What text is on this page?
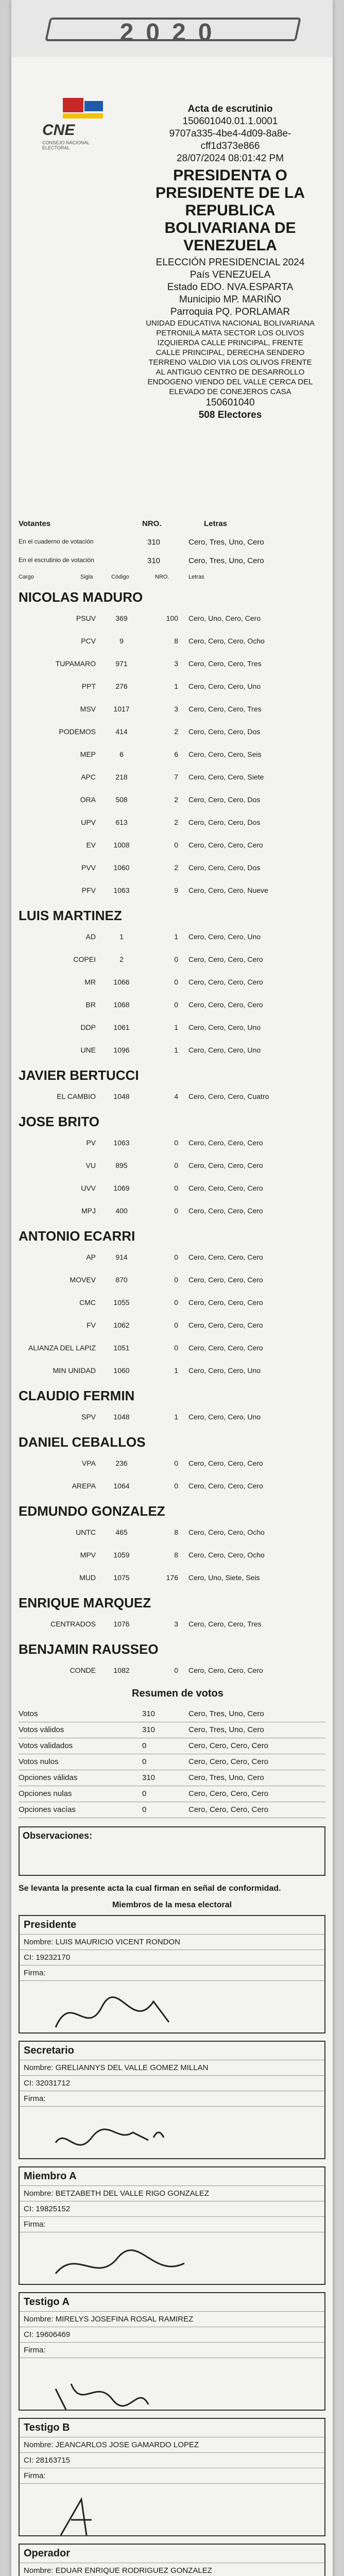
2020
CNE
CONSEJO NACIONAL ELECTORAL
Acta de escrutinio
150601040.01.1.0001
9707a335-4be4-4d09-8a8e-
cff1d373e866
28/07/2024 08:01:42 PM
PRESIDENTA O PRESIDENTE DE LA REPUBLICA BOLIVARIANA DE VENEZUELA
ELECCIÓN PRESIDENCIAL 2024
País VENEZUELA
Estado EDO. NVA.ESPARTA
Municipio MP. MARIÑO
Parroquia PQ. PORLAMAR
UNIDAD EDUCATIVA NACIONAL BOLIVARIANA PETRONILA MATA SECTOR LOS OLIVOS IZQUIERDA CALLE PRINCIPAL, FRENTE CALLE PRINCIPAL, DERECHA SENDERO TERRENO VALDIO VIA LOS OLIVOS FRENTE AL ANTIGUO CENTRO DE DESARROLLO ENDOGENO VIENDO DEL VALLE CERCA DEL ELEVADO DE CONEJEROS CASA
150601040
508 Electores
Votantes	NRO.	Letras
En el cuaderno de votación	310	Cero, Tres, Uno, Cero
En el escrutinio de votación	310	Cero, Tres, Uno, Cero
Cargo	Sigla	Código	NRO.	Letras
NICOLAS MADURO
PSUV	369	100 Cero, Uno, Cero, Cero
PCV	9	8 Cero, Cero, Cero, Ocho
TUPAMARO	971	3 Cero, Cero, Cero, Tres
PPT	276	1 Cero, Cero, Cero, Uno
MSV	1017	3 Cero, Cero, Cero, Tres
PODEMOS	414	2 Cero, Cero, Cero, Dos
MEP	6	6 Cero, Cero, Cero, Seis
APC	218	7 Cero, Cero, Cero, Siete
ORA	508	2 Cero, Cero, Cero, Dos
UPV	613	2 Cero, Cero, Cero, Dos
EV	1008	0 Cero, Cero, Cero, Cero
PVV	1060	2 Cero, Cero, Cero, Dos
PFV	1063	9 Cero, Cero, Cero, Nueve
LUIS MARTINEZ
AD	1	1 Cero, Cero, Cero, Uno
COPEI	2	0 Cero, Cero, Cero, Cero
MR	1066	0 Cero, Cero, Cero, Cero
BR	1068	0 Cero, Cero, Cero, Cero
DDP	1061	1 Cero, Cero, Cero, Uno
UNE	1096	1 Cero, Cero, Cero, Uno
JAVIER BERTUCCI
EL CAMBIO	1048	4 Cero, Cero, Cero, Cuatro
JOSE BRITO
PV	1063	0 Cero, Cero, Cero, Cero
VU	895	0 Cero, Cero, Cero, Cero
UVV	1069	0 Cero, Cero, Cero, Cero
MPJ	400	0 Cero, Cero, Cero, Cero
ANTONIO ECARRI
AP	914	0 Cero, Cero, Cero, Cero
MOVEV	870	0 Cero, Cero, Cero, Cero
CMC	1055	0 Cero, Cero, Cero, Cero
FV	1062	0 Cero, Cero, Cero, Cero
ALIANZA DEL LAPIZ	1051	0 Cero, Cero, Cero, Cero
MIN UNIDAD	1060	1 Cero, Cero, Cero, Uno
CLAUDIO FERMIN
SPV	1048	1 Cero, Cero, Cero, Uno
DANIEL CEBALLOS
VPA	236	0 Cero, Cero, Cero, Cero
AREPA	1064	0 Cero, Cero, Cero, Cero
EDMUNDO GONZALEZ
UNTC	465	8 Cero, Cero, Cero, Ocho
MPV	1059	8 Cero, Cero, Cero, Ocho
MUD	1075	176 Cero, Uno, Siete, Seis
ENRIQUE MARQUEZ
CENTRADOS	1076	3 Cero, Cero, Cero, Tres
BENJAMIN RAUSSEO
CONDE	1082	0 Cero, Cero, Cero, Cero
Resumen de votos
Votos	310	Cero, Tres, Uno, Cero
Votos válidos	310	Cero, Tres, Uno, Cero
Votos validados	0	Cero, Cero, Cero, Cero
Votos nulos	0	Cero, Cero, Cero, Cero
Opciones válidas	310	Cero, Tres, Uno, Cero
Opciones nulas	0	Cero, Cero, Cero, Cero
Opciones vacías	0	Cero, Cero, Cero, Cero
Observaciones:
Se levanta la presente acta la cual firman en señal de conformidad.
Miembros de la mesa electoral
Presidente
Nombre: LUIS MAURICIO VICENT RONDON
CI: 19232170
Firma:
Secretario
Nombre: GRELIANNYS DEL VALLE GOMEZ MILLAN
CI: 32031712
Firma:
Miembro A
Nombre: BETZABETH DEL VALLE RIGO GONZALEZ
CI: 19825152
Firma:
Testigo A
Nombre: MIRELYS JOSEFINA ROSAL RAMIREZ
CI: 19606469
Firma:
Testigo B
Nombre: JEANCARLOS JOSE GAMARDO LOPEZ
CI: 28163715
Firma:
Operador
Nombre: EDUAR ENRIQUE RODRIGUEZ GONZALEZ
